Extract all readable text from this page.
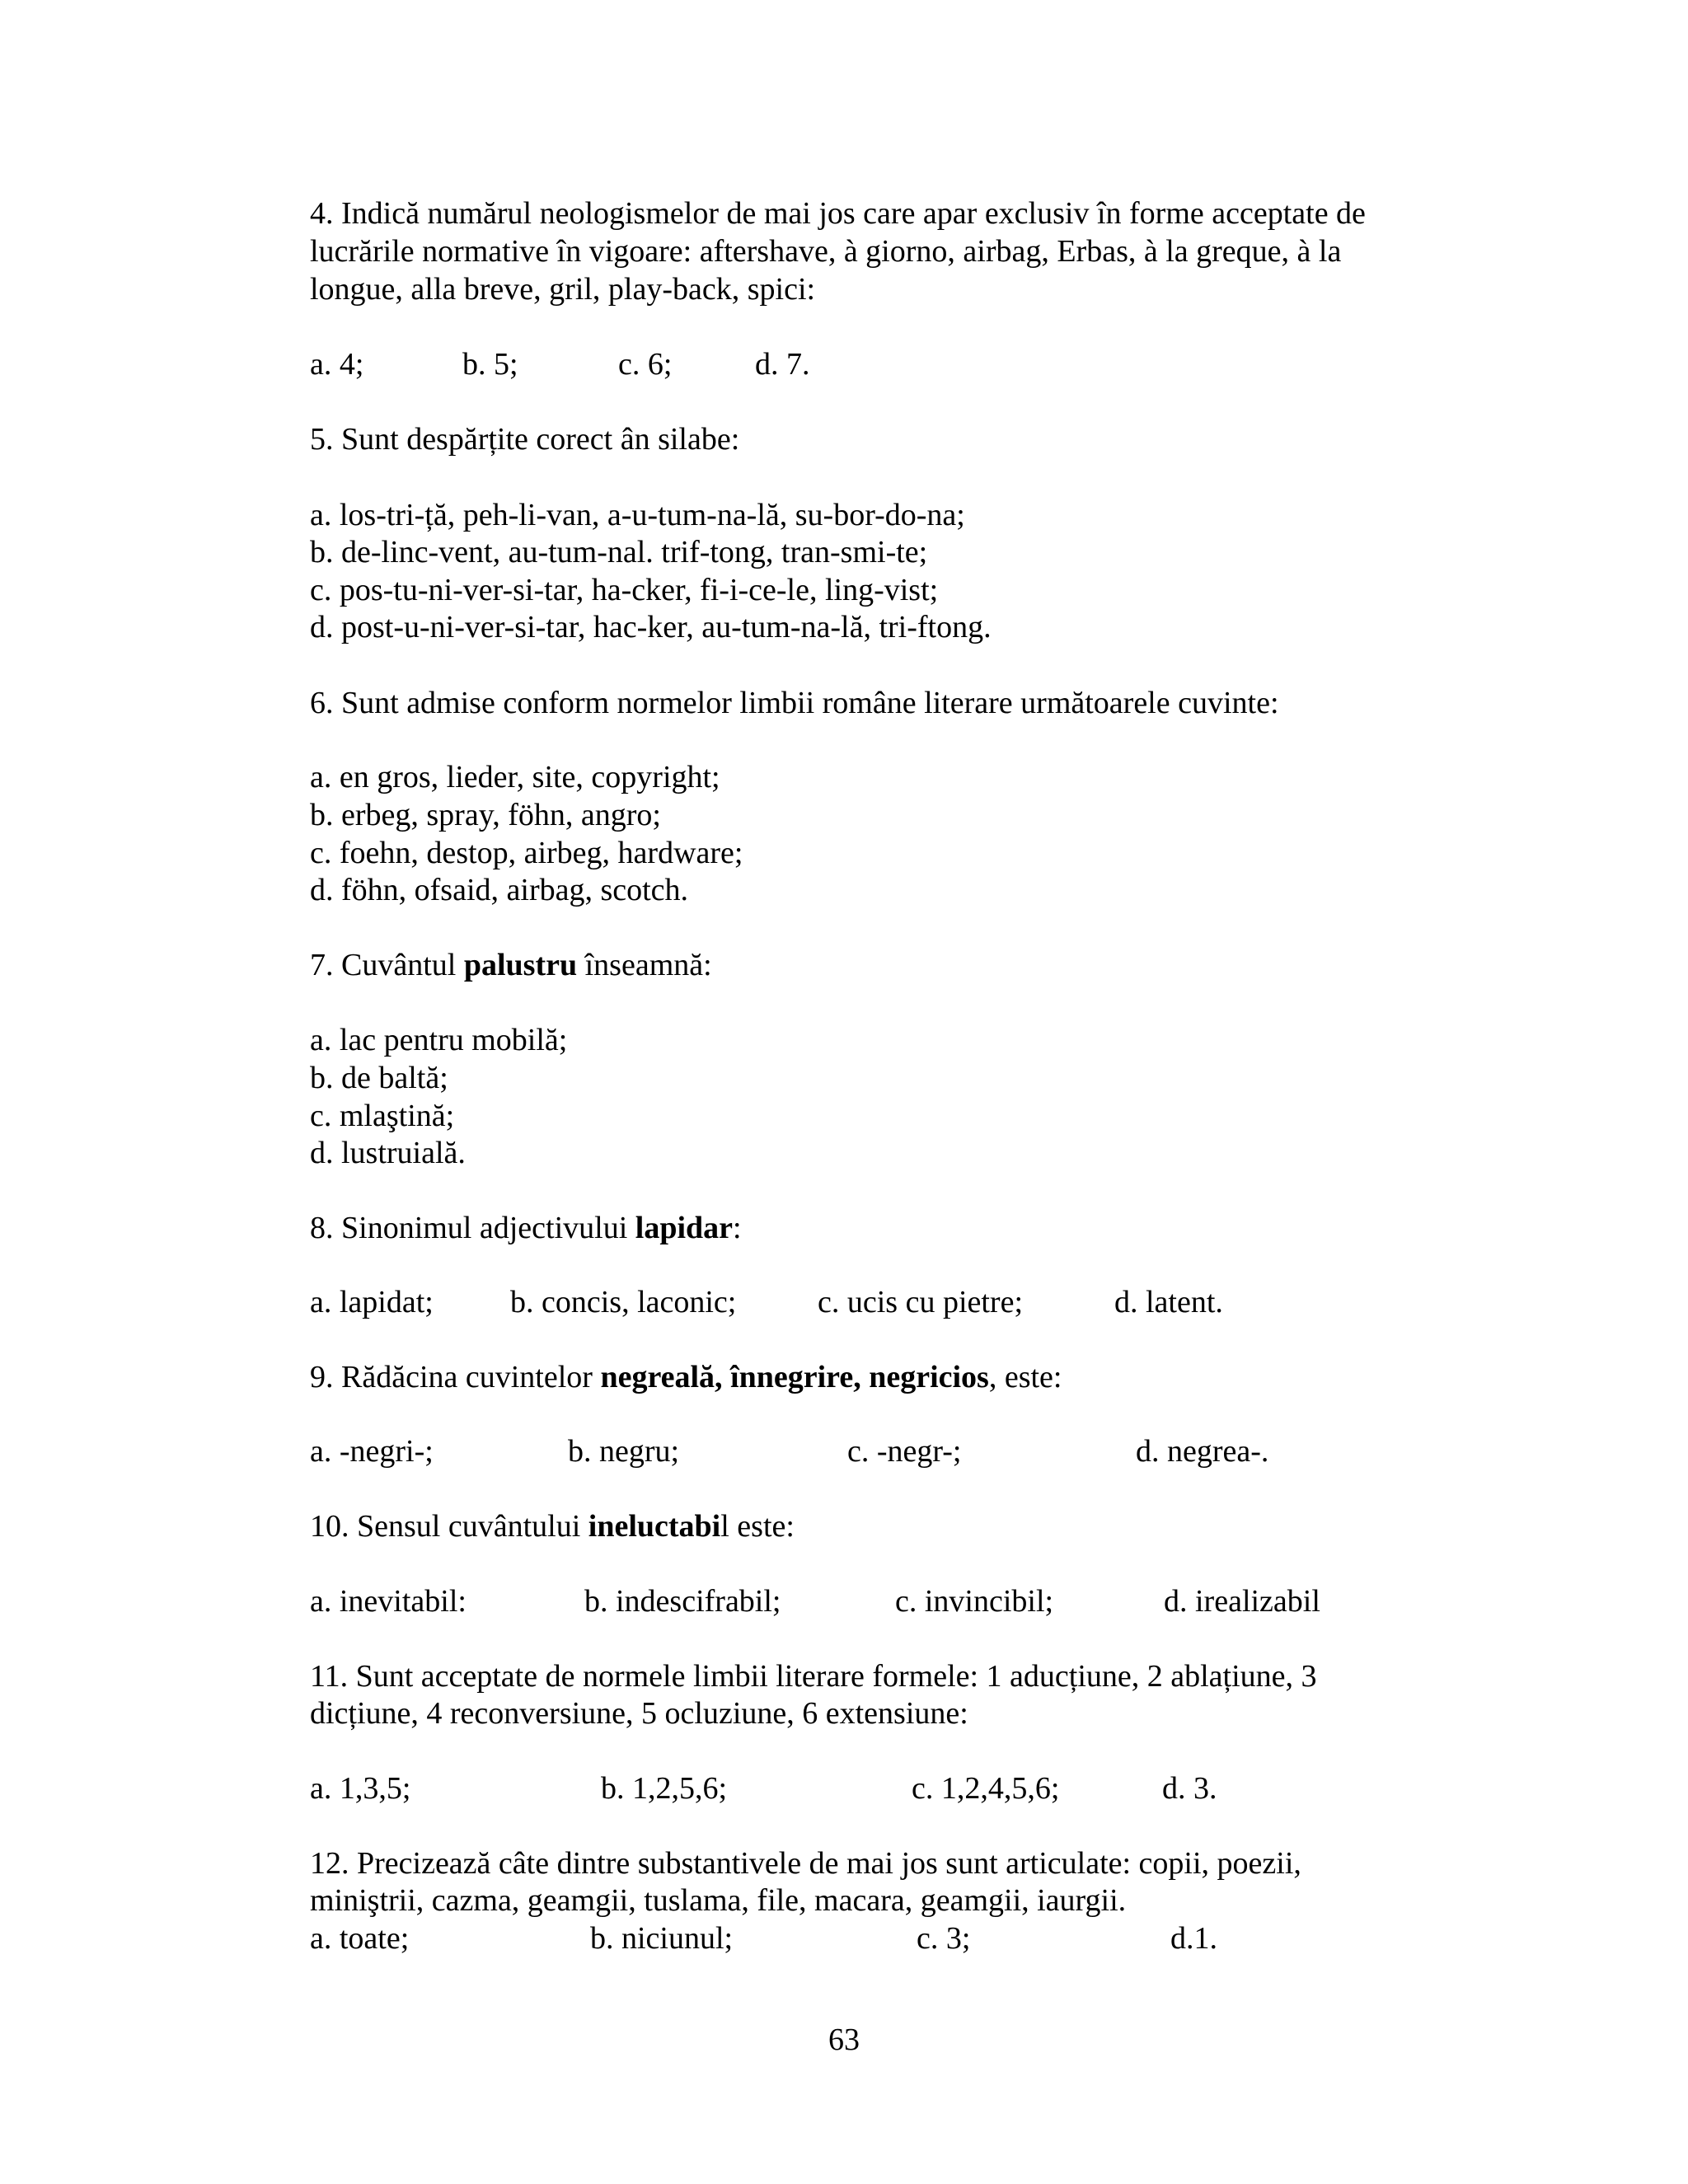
4. Indică numărul neologismelor de mai jos care apar exclusiv în forme acceptate de
lucrările normative în vigoare: aftershave, à giorno, airbag, Erbas, à la greque, à la
longue, alla breve, gril, play-back, spici:
a. 4;	b. 5;	c. 6;	d. 7.
5. Sunt despărțite corect ân silabe:
a. los-tri-ță, peh-li-van, a-u-tum-na-lă, su-bor-do-na;
b. de-linc-vent, au-tum-nal. trif-tong, tran-smi-te;
c. pos-tu-ni-ver-si-tar, ha-cker, fi-i-ce-le, ling-vist;
d. post-u-ni-ver-si-tar, hac-ker, au-tum-na-lă, tri-ftong.
6. Sunt admise conform normelor limbii române literare următoarele cuvinte:
a. en gros, lieder, site, copyright;
b. erbeg, spray, föhn, angro;
c. foehn, destop, airbeg, hardware;
d. föhn, ofsaid, airbag, scotch.
7. Cuvântul palustru înseamnă:
a. lac pentru mobilă;
b. de baltă;
c. mlaştină;
d. lustruială.
8. Sinonimul adjectivului lapidar:
a. lapidat; b. concis, laconic;	c. ucis cu pietre;	d. latent.
9. Rădăcina cuvintelor negreală, înnegrire, negricios, este:
a. -negri-;	b. negru;	c. -negr-;	d. negrea-.
10. Sensul cuvântului ineluctabil este:
a. inevitabil:	b. indescifrabil;	c. invincibil;	d. irealizabil
11. Sunt acceptate de normele limbii literare formele: 1 aducțiune, 2 ablațiune, 3
dicțiune, 4 reconversiune, 5 ocluziune, 6 extensiune:
a. 1,3,5;	b. 1,2,5,6;	c. 1,2,4,5,6;	d. 3.
12. Precizează câte dintre substantivele de mai jos sunt articulate: copii, poezii,
miniştrii, cazma, geamgii, tuslama, file, macara, geamgii, iaurgii.
a. toate;	b. niciunul;	c. 3;	d.1.
63
